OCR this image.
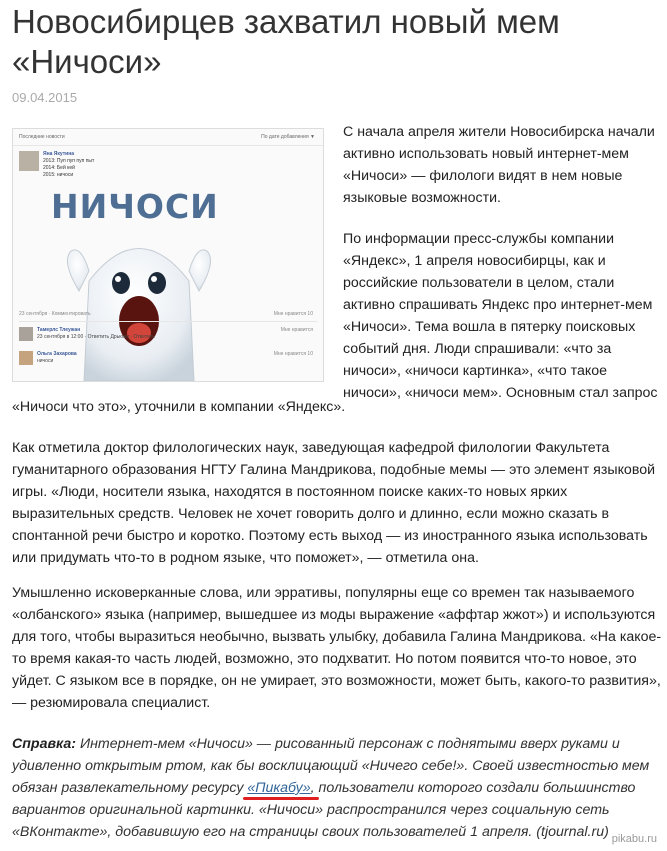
Новосибирцев захватил новый мем «Ничоси»
09.04.2015
Последние новости	По дате добавления ▼
Яна Якутина
2013: Пуп пуп пуп пыт
2014: Бей кей
2015: ничоси
НИЧОСИ
23 сентября · Комментировать	Мне нравится 10
Тамерлс Тлеужан
23 сентября в 12:00 · Ответить Дрьюжи · Ответить
Мне нравится
Ольга Захарова
ничоси
Мне нравится 10

С начала апреля жители Новосибирска начали активно использовать новый интернет-мем «Ничоси» — филологи видят в нем новые языковые возможности.

По информации пресс-службы компании «Яндекс», 1 апреля новосибирцы, как и российские пользователи в целом, стали активно спрашивать Яндекс про интернет-мем «Ничоси». Тема вошла в пятерку поисковых событий дня. Люди спрашивали: «что за ничоси», «ничоси картинка», «что такое ничоси», «ничоси мем». Основным стал запрос

«Ничоси что это», уточнили в компании «Яндекс».

Как отметила доктор филологических наук, заведующая кафедрой филологии Факультета гуманитарного образования НГТУ Галина Мандрикова, подобные мемы — это элемент языковой игры. «Люди, носители языка, находятся в постоянном поиске каких-то новых ярких выразительных средств. Человек не хочет говорить долго и длинно, если можно сказать в спонтанной речи быстро и коротко. Поэтому есть выход — из иностранного языка использовать или придумать что-то в родном языке, что поможет», — отметила она.

Умышленно исковерканные слова, или эрративы, популярны еще со времен так называемого «олбанского» языка (например, вышедшее из моды выражение «аффтар жжот») и используются для того, чтобы выразиться необычно, вызвать улыбку, добавила Галина Мандрикова. «На какое-то время какая-то часть людей, возможно, это подхватит. Но потом появится что-то новое, это уйдет. С языком все в порядке, он не умирает, это возможности, может быть, какого-то развития», — резюмировала специалист.

Справка: Интернет-мем «Ничоси» — рисованный персонаж с поднятыми вверх руками и удивленно открытым ртом, как бы восклицающий «Ничего себе!». Своей известностью мем обязан развлекательному ресурсу «Пикабу», пользователи которого создали большинство вариантов оригинальной картинки. «Ничоси» распространился через социальную сеть «ВКонтакте», добавившую его на страницы своих пользователей 1 апреля. (tjournal.ru) pikabu.ru
